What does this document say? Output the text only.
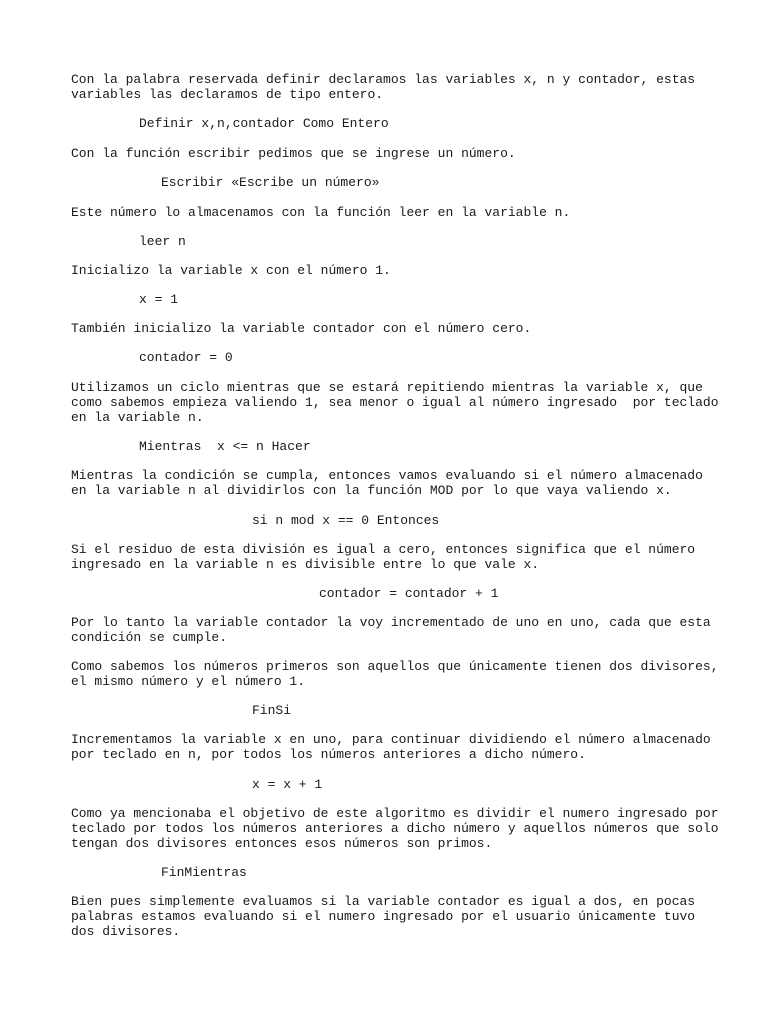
Con la palabra reservada definir declaramos las variables x, n y contador, estas
variables las declaramos de tipo entero.
Definir x,n,contador Como Entero
Con la función escribir pedimos que se ingrese un número.
Escribir «Escribe un número»
Este número lo almacenamos con la función leer en la variable n.
leer n
Inicializo la variable x con el número 1.
x = 1
También inicializo la variable contador con el número cero.
contador = 0
Utilizamos un ciclo mientras que se estará repitiendo mientras la variable x, que
como sabemos empieza valiendo 1, sea menor o igual al número ingresado  por teclado
en la variable n.
Mientras  x <= n Hacer
Mientras la condición se cumpla, entonces vamos evaluando si el número almacenado
en la variable n al dividirlos con la función MOD por lo que vaya valiendo x.
si n mod x == 0 Entonces
Si el residuo de esta división es igual a cero, entonces significa que el número
ingresado en la variable n es divisible entre lo que vale x.
contador = contador + 1
Por lo tanto la variable contador la voy incrementado de uno en uno, cada que esta
condición se cumple.
Como sabemos los números primeros son aquellos que únicamente tienen dos divisores,
el mismo número y el número 1.
FinSi
Incrementamos la variable x en uno, para continuar dividiendo el número almacenado
por teclado en n, por todos los números anteriores a dicho número.
x = x + 1
Como ya mencionaba el objetivo de este algoritmo es dividir el numero ingresado por
teclado por todos los números anteriores a dicho número y aquellos números que solo
tengan dos divisores entonces esos números son primos.
FinMientras
Bien pues simplemente evaluamos si la variable contador es igual a dos, en pocas
palabras estamos evaluando si el numero ingresado por el usuario únicamente tuvo
dos divisores.
